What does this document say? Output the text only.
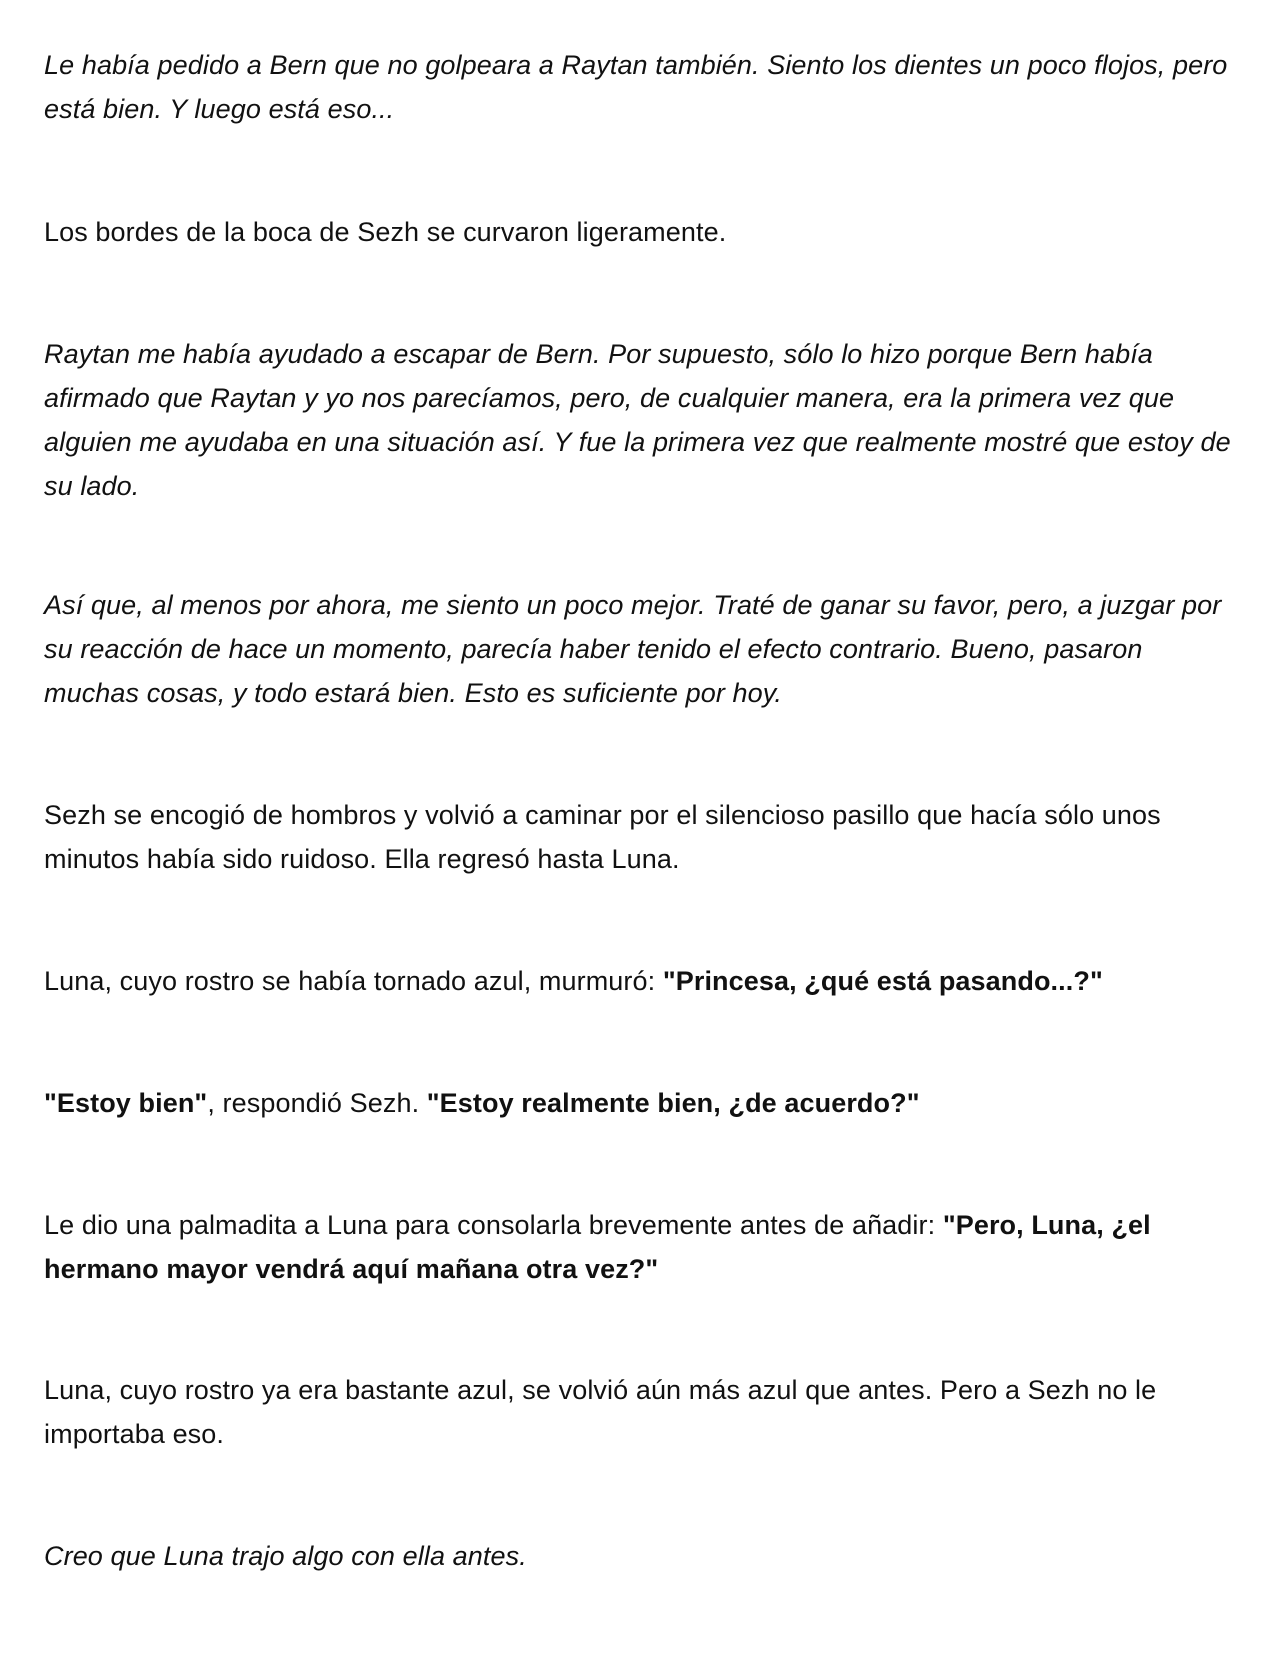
Le había pedido a Bern que no golpeara a Raytan también. Siento los dientes un poco flojos, pero está bien. Y luego está eso...

Los bordes de la boca de Sezh se curvaron ligeramente.

Raytan me había ayudado a escapar de Bern. Por supuesto, sólo lo hizo porque Bern había afirmado que Raytan y yo nos parecíamos, pero, de cualquier manera, era la primera vez que alguien me ayudaba en una situación así. Y fue la primera vez que realmente mostré que estoy de su lado.

Así que, al menos por ahora, me siento un poco mejor. Traté de ganar su favor, pero, a juzgar por su reacción de hace un momento, parecía haber tenido el efecto contrario. Bueno, pasaron muchas cosas, y todo estará bien. Esto es suficiente por hoy.

Sezh se encogió de hombros y volvió a caminar por el silencioso pasillo que hacía sólo unos minutos había sido ruidoso. Ella regresó hasta Luna.

Luna, cuyo rostro se había tornado azul, murmuró: "Princesa, ¿qué está pasando...?"

"Estoy bien", respondió Sezh. "Estoy realmente bien, ¿de acuerdo?"

Le dio una palmadita a Luna para consolarla brevemente antes de añadir: "Pero, Luna, ¿el hermano mayor vendrá aquí mañana otra vez?"

Luna, cuyo rostro ya era bastante azul, se volvió aún más azul que antes. Pero a Sezh no le importaba eso.

Creo que Luna trajo algo con ella antes.
